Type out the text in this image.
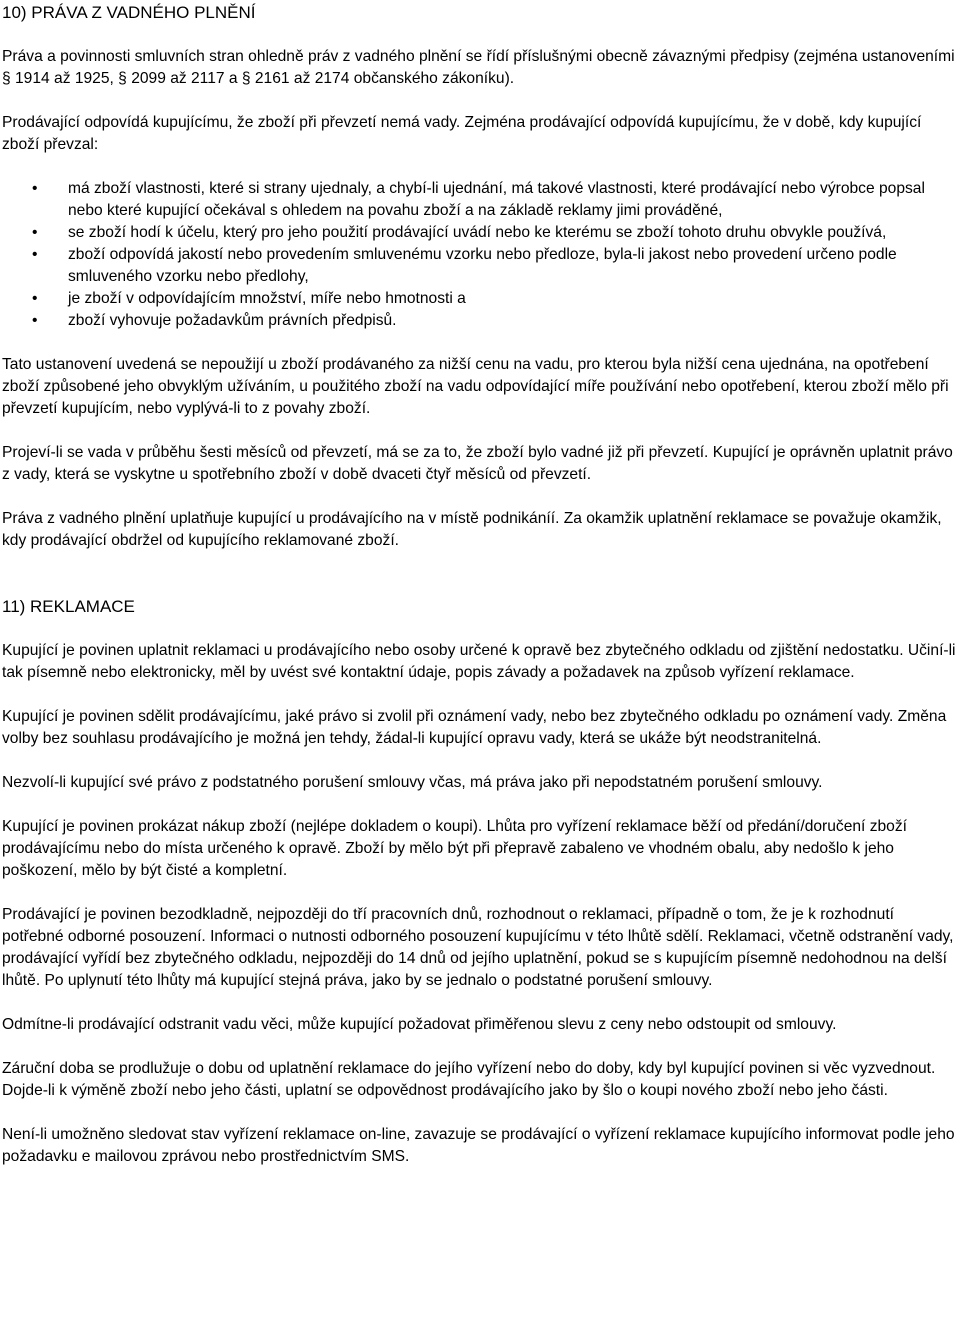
10) PRÁVA Z VADNÉHO PLNĚNÍ

Práva a povinnosti smluvních stran ohledně práv z vadného plnění se řídí příslušnými obecně závaznými předpisy (zejména ustanoveními § 1914 až 1925, § 2099 až 2117 a § 2161 až 2174 občanského zákoníku).

Prodávající odpovídá kupujícímu, že zboží při převzetí nemá vady. Zejména prodávající odpovídá kupujícímu, že v době, kdy kupující zboží převzal:

• má zboží vlastnosti, které si strany ujednaly, a chybí-li ujednání, má takové vlastnosti, které prodávající nebo výrobce popsal nebo které kupující očekával s ohledem na povahu zboží a na základě reklamy jimi prováděné,
• se zboží hodí k účelu, který pro jeho použití prodávající uvádí nebo ke kterému se zboží tohoto druhu obvykle používá,
• zboží odpovídá jakostí nebo provedením smluvenému vzorku nebo předloze, byla-li jakost nebo provedení určeno podle smluveného vzorku nebo předlohy,
• je zboží v odpovídajícím množství, míře nebo hmotnosti a
• zboží vyhovuje požadavkům právních předpisů.

Tato ustanovení uvedená se nepoužijí u zboží prodávaného za nižší cenu na vadu, pro kterou byla nižší cena ujednána, na opotřebení zboží způsobené jeho obvyklým užíváním, u použitého zboží na vadu odpovídající míře používání nebo opotřebení, kterou zboží mělo při převzetí kupujícím, nebo vyplývá-li to z povahy zboží.

Projeví-li se vada v průběhu šesti měsíců od převzetí, má se za to, že zboží bylo vadné již při převzetí. Kupující je oprávněn uplatnit právo z vady, která se vyskytne u spotřebního zboží v době dvaceti čtyř měsíců od převzetí.

Práva z vadného plnění uplatňuje kupující u prodávajícího na v místě podnikáníí. Za okamžik uplatnění reklamace se považuje okamžik, kdy prodávající obdržel od kupujícího reklamované zboží.

11) REKLAMACE

Kupující je povinen uplatnit reklamaci u prodávajícího nebo osoby určené k opravě bez zbytečného odkladu od zjištění nedostatku. Učiní-li tak písemně nebo elektronicky, měl by uvést své kontaktní údaje, popis závady a požadavek na způsob vyřízení reklamace.

Kupující je povinen sdělit prodávajícímu, jaké právo si zvolil při oznámení vady, nebo bez zbytečného odkladu po oznámení vady. Změna volby bez souhlasu prodávajícího je možná jen tehdy, žádal-li kupující opravu vady, která se ukáže být neodstranitelná.

Nezvolí-li kupující své právo z podstatného porušení smlouvy včas, má práva jako při nepodstatném porušení smlouvy.

Kupující je povinen prokázat nákup zboží (nejlépe dokladem o koupi). Lhůta pro vyřízení reklamace běží od předání/doručení zboží prodávajícímu nebo do místa určeného k opravě. Zboží by mělo být při přepravě zabaleno ve vhodném obalu, aby nedošlo k jeho poškození, mělo by být čisté a kompletní.

Prodávající je povinen bezodkladně, nejpozději do tří pracovních dnů, rozhodnout o reklamaci, případně o tom, že je k rozhodnutí potřebné odborné posouzení. Informaci o nutnosti odborného posouzení kupujícímu v této lhůtě sdělí. Reklamaci, včetně odstranění vady, prodávající vyřídí bez zbytečného odkladu, nejpozději do 14 dnů od jejího uplatnění, pokud se s kupujícím písemně nedohodnou na delší lhůtě. Po uplynutí této lhůty má kupující stejná práva, jako by se jednalo o podstatné porušení smlouvy.

Odmítne-li prodávající odstranit vadu věci, může kupující požadovat přiměřenou slevu z ceny nebo odstoupit od smlouvy.

Záruční doba se prodlužuje o dobu od uplatnění reklamace do jejího vyřízení nebo do doby, kdy byl kupující povinen si věc vyzvednout. Dojde-li k výměně zboží nebo jeho části, uplatní se odpovědnost prodávajícího jako by šlo o koupi nového zboží nebo jeho části.

Není-li umožněno sledovat stav vyřízení reklamace on-line, zavazuje se prodávající o vyřízení reklamace kupujícího informovat podle jeho požadavku e mailovou zprávou nebo prostřednictvím SMS.
